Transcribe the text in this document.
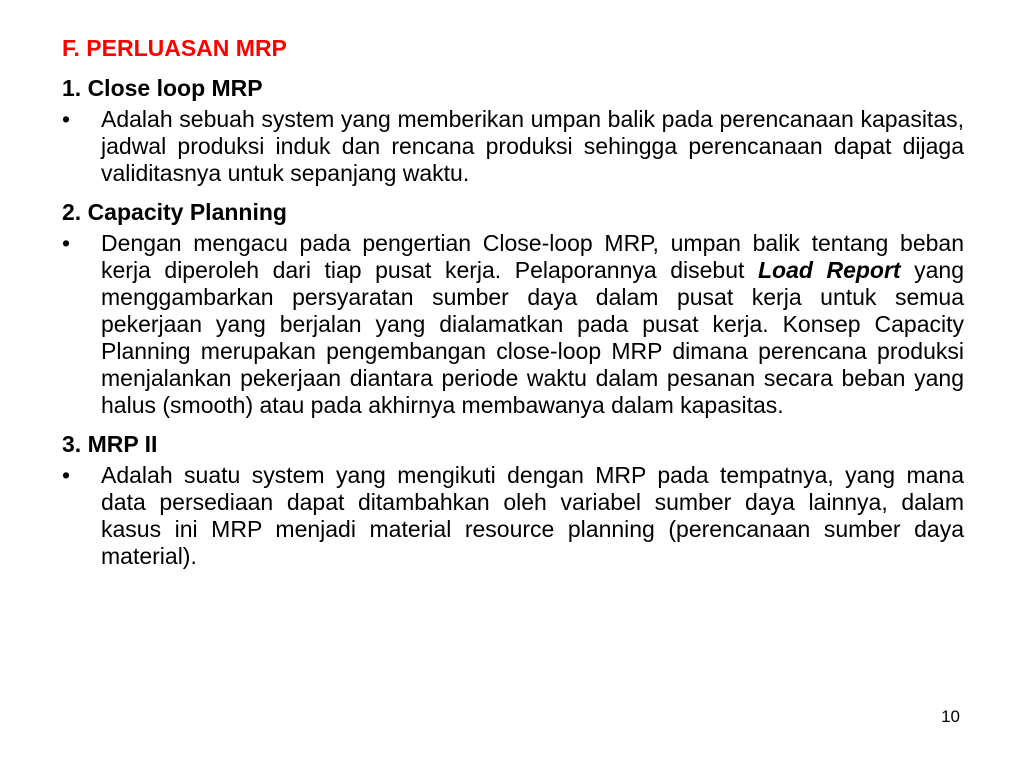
F. PERLUASAN MRP
1. Close loop MRP
•	Adalah sebuah system yang memberikan umpan balik pada perencanaan kapasitas, jadwal produksi induk dan rencana produksi sehingga perencanaan dapat dijaga validitasnya untuk sepanjang waktu.
2. Capacity Planning
•	Dengan mengacu pada pengertian Close-loop MRP, umpan balik tentang beban kerja diperoleh dari tiap pusat kerja. Pelaporannya disebut Load Report yang menggambarkan persyaratan sumber daya dalam pusat kerja untuk semua pekerjaan yang berjalan yang dialamatkan pada pusat kerja. Konsep Capacity Planning merupakan pengembangan close-loop MRP dimana perencana produksi menjalankan pekerjaan diantara periode waktu dalam pesanan secara beban yang halus (smooth) atau pada akhirnya membawanya dalam kapasitas.
3. MRP II
•	Adalah suatu system yang mengikuti dengan MRP pada tempatnya, yang mana data persediaan dapat ditambahkan oleh variabel sumber daya lainnya, dalam kasus ini MRP menjadi material resource planning (perencanaan sumber daya material).
10
